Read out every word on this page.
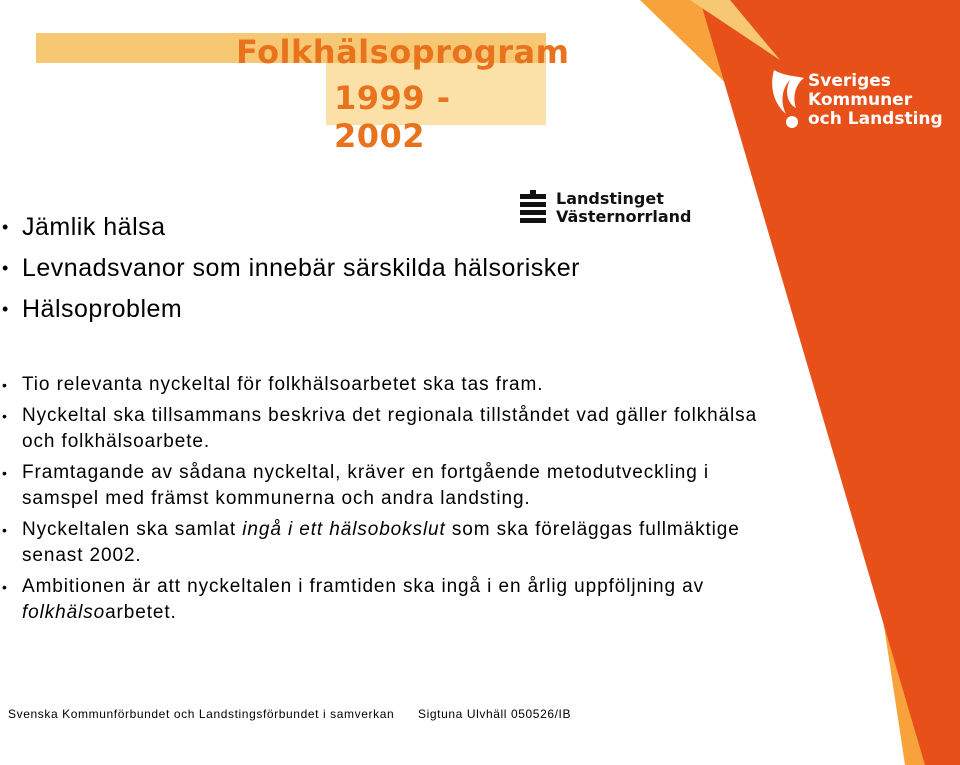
Folkhälsoprogram
1999 - 2002
Sveriges
Kommuner
och Landsting
Landstinget
Västernorrland
• Jämlik hälsa
• Levnadsvanor som innebär särskilda hälsorisker
• Hälsoproblem
• Tio relevanta nyckeltal för folkhälsoarbetet ska tas fram.
• Nyckeltal ska tillsammans beskriva det regionala tillståndet vad gäller folkhälsa och folkhälsoarbete.
• Framtagande av sådana nyckeltal, kräver en fortgående metodutveckling i samspel med främst kommunerna och andra landsting.
• Nyckeltalen ska samlat ingå i ett hälsobokslut som ska föreläggas fullmäktige senast 2002.
• Ambitionen är att nyckeltalen i framtiden ska ingå i en årlig uppföljning av folkhälsoarbetet.
Svenska Kommunförbundet och Landstingsförbundet i samverkan Sigtuna Ulvhäll 050526/IB
